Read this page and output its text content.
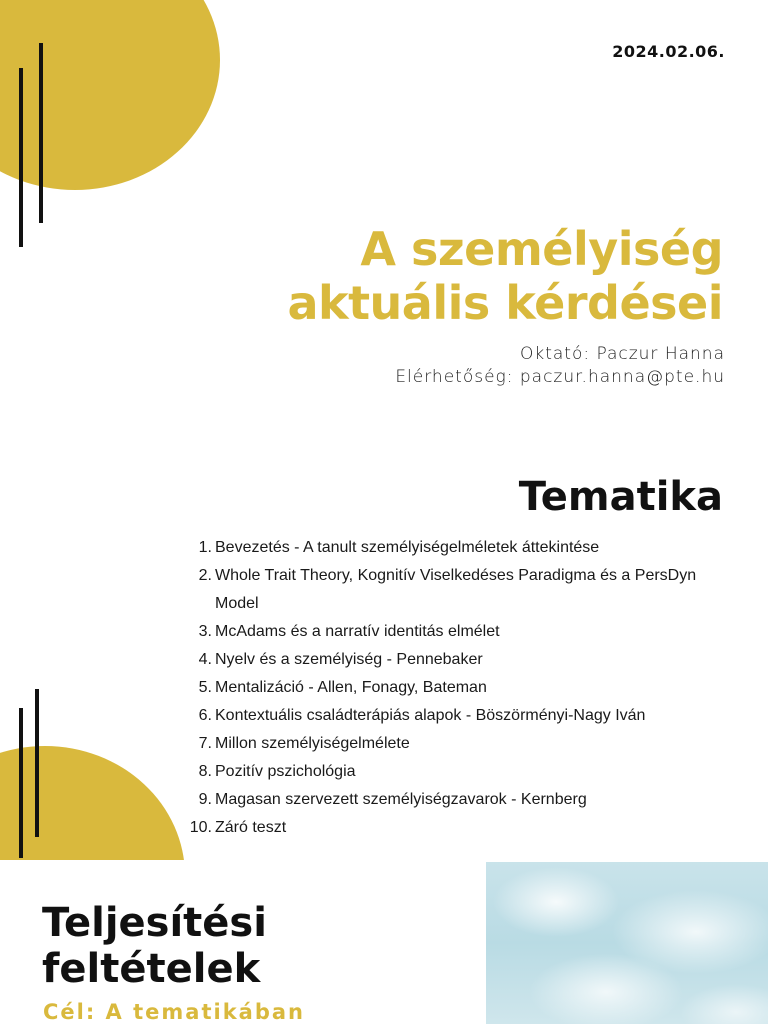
2024.02.06.
A személyiség
aktuális kérdései
Oktató: Paczur Hanna
Elérhetőség: paczur.hanna@pte.hu
Tematika
1. Bevezetés - A tanult személyiségelméletek áttekintése
2. Whole Trait Theory, Kognitív Viselkedéses Paradigma és a PersDyn Model
3. McAdams és a narratív identitás elmélet
4. Nyelv és a személyiség - Pennebaker
5. Mentalizáció - Allen, Fonagy, Bateman
6. Kontextuális családterápiás alapok - Böszörményi-Nagy Iván
7. Millon személyiségelmélete
8. Pozitív pszichológia
9. Magasan szervezett személyiségzavarok - Kernberg
10. Záró teszt
Teljesítési
feltételek
Cél: A tematikában
